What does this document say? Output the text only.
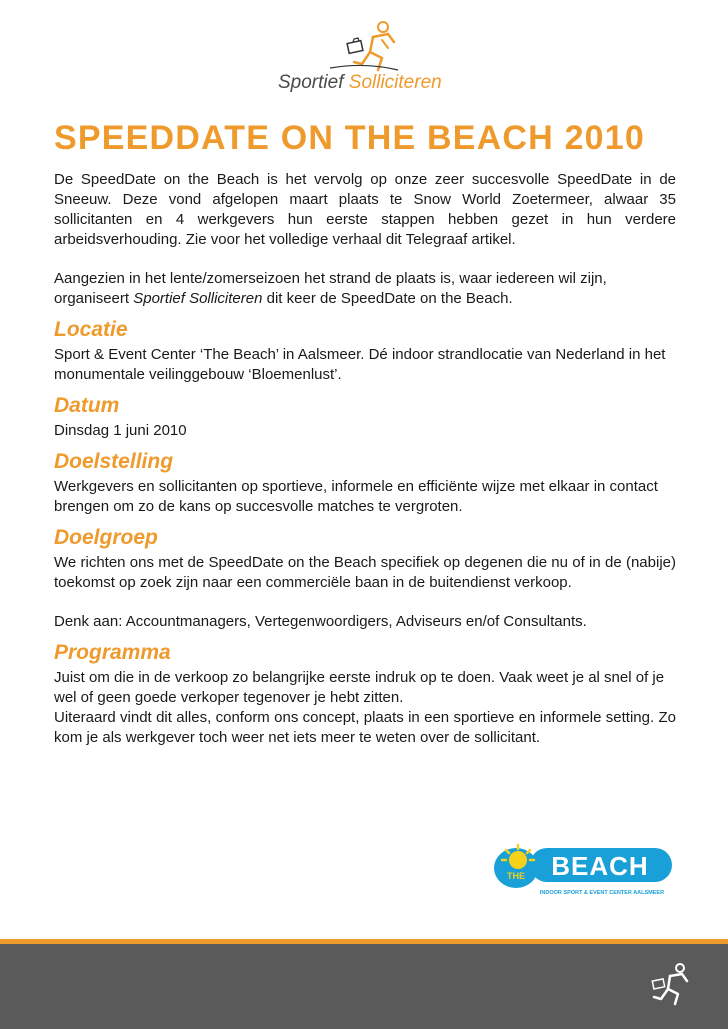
Sportief Solliciteren
SPEEDDATE ON THE BEACH 2010

De SpeedDate on the Beach is het vervolg op onze zeer succesvolle SpeedDate in de Sneeuw. Deze vond afgelopen maart plaats te Snow World Zoetermeer, alwaar 35 sollicitanten en 4 werkgevers hun eerste stappen hebben gezet in hun verdere arbeidsverhouding. Zie voor het volledige verhaal dit Telegraaf artikel.

Aangezien in het lente/zomerseizoen het strand de plaats is, waar iedereen wil zijn, organiseert Sportief Solliciteren dit keer de SpeedDate on the Beach.

Locatie

Sport & Event Center ‘The Beach’ in Aalsmeer. Dé indoor strandlocatie van Nederland in het monumentale veilinggebouw ‘Bloemenlust’.

Datum

Dinsdag 1 juni 2010

Doelstelling

Werkgevers en sollicitanten op sportieve, informele en efficiënte wijze met elkaar in contact brengen om zo de kans op succesvolle matches te vergroten.

Doelgroep

We richten ons met de SpeedDate on the Beach specifiek op degenen die nu of in de (nabije) toekomst op zoek zijn naar een commerciële baan in de buitendienst verkoop.

Denk aan: Accountmanagers, Vertegenwoordigers, Adviseurs en/of Consultants.

Programma

Juist om die in de verkoop zo belangrijke eerste indruk op te doen. Vaak weet je al snel of je wel of geen goede verkoper tegenover je hebt zitten.

Uiteraard vindt dit alles, conform ons concept, plaats in een sportieve en informele setting. Zo kom je als werkgever toch weer net iets meer te weten over de sollicitant.

THE BEACH
INDOOR SPORT & EVENT CENTER AALSMEER
